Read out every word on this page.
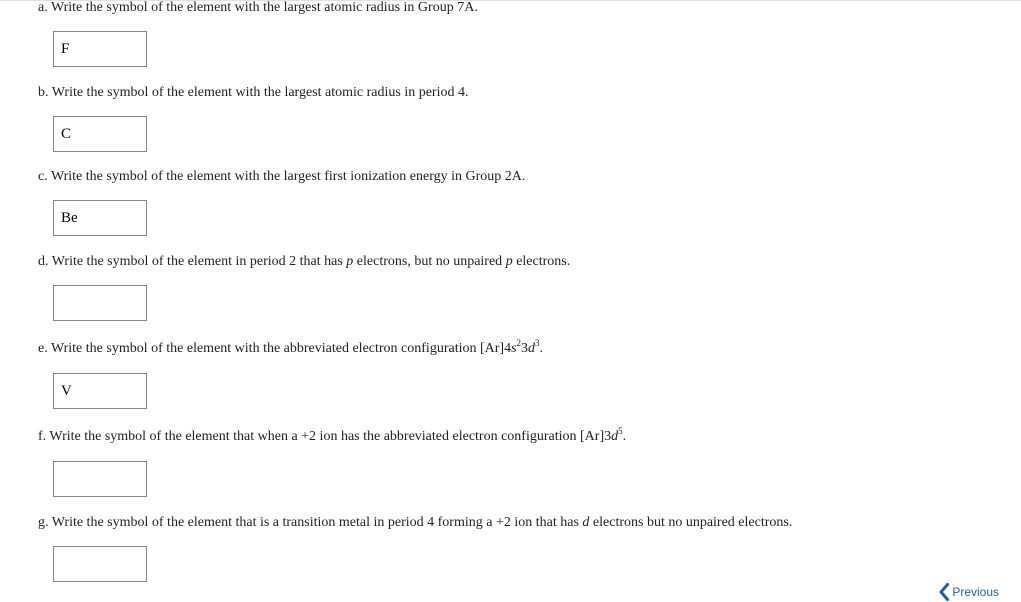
a. Write the symbol of the element with the largest atomic radius in Group 7A.
F
b. Write the symbol of the element with the largest atomic radius in period 4.
C
c. Write the symbol of the element with the largest first ionization energy in Group 2A.
Be
d. Write the symbol of the element in period 2 that has p electrons, but no unpaired p electrons.
e. Write the symbol of the element with the abbreviated electron configuration $[Ar]4s^23d^3$.
V
f. Write the symbol of the element that when a +2 ion has the abbreviated electron configuration $[Ar]3d^5$.
g. Write the symbol of the element that is a transition metal in period 4 forming a +2 ion that has d electrons but no unpaired electrons.
Previous
